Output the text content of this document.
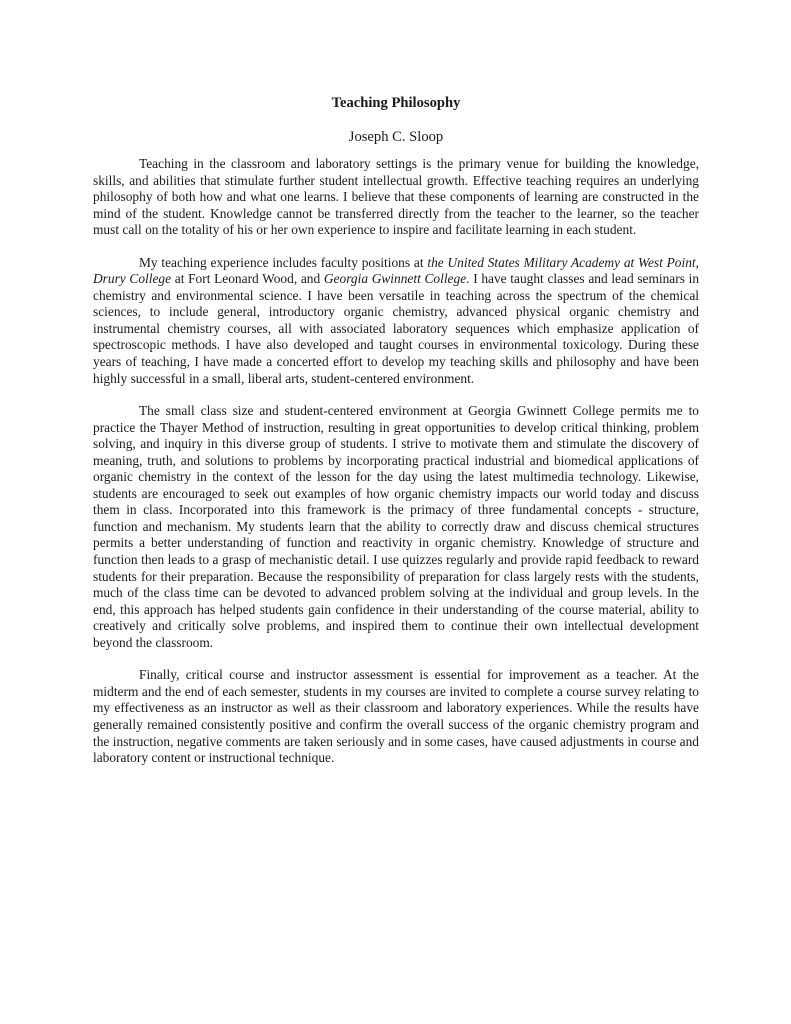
Teaching Philosophy
Joseph C. Sloop

Teaching in the classroom and laboratory settings is the primary venue for building the knowledge, skills, and abilities that stimulate further student intellectual growth. Effective teaching requires an underlying philosophy of both how and what one learns. I believe that these components of learning are constructed in the mind of the student. Knowledge cannot be transferred directly from the teacher to the learner, so the teacher must call on the totality of his or her own experience to inspire and facilitate learning in each student.

My teaching experience includes faculty positions at the United States Military Academy at West Point, Drury College at Fort Leonard Wood, and Georgia Gwinnett College. I have taught classes and lead seminars in chemistry and environmental science. I have been versatile in teaching across the spectrum of the chemical sciences, to include general, introductory organic chemistry, advanced physical organic chemistry and instrumental chemistry courses, all with associated laboratory sequences which emphasize application of spectroscopic methods. I have also developed and taught courses in environmental toxicology. During these years of teaching, I have made a concerted effort to develop my teaching skills and philosophy and have been highly successful in a small, liberal arts, student-centered environment.

The small class size and student-centered environment at Georgia Gwinnett College permits me to practice the Thayer Method of instruction, resulting in great opportunities to develop critical thinking, problem solving, and inquiry in this diverse group of students. I strive to motivate them and stimulate the discovery of meaning, truth, and solutions to problems by incorporating practical industrial and biomedical applications of organic chemistry in the context of the lesson for the day using the latest multimedia technology. Likewise, students are encouraged to seek out examples of how organic chemistry impacts our world today and discuss them in class. Incorporated into this framework is the primacy of three fundamental concepts - structure, function and mechanism. My students learn that the ability to correctly draw and discuss chemical structures permits a better understanding of function and reactivity in organic chemistry. Knowledge of structure and function then leads to a grasp of mechanistic detail. I use quizzes regularly and provide rapid feedback to reward students for their preparation. Because the responsibility of preparation for class largely rests with the students, much of the class time can be devoted to advanced problem solving at the individual and group levels. In the end, this approach has helped students gain confidence in their understanding of the course material, ability to creatively and critically solve problems, and inspired them to continue their own intellectual development beyond the classroom.

Finally, critical course and instructor assessment is essential for improvement as a teacher. At the midterm and the end of each semester, students in my courses are invited to complete a course survey relating to my effectiveness as an instructor as well as their classroom and laboratory experiences. While the results have generally remained consistently positive and confirm the overall success of the organic chemistry program and the instruction, negative comments are taken seriously and in some cases, have caused adjustments in course and laboratory content or instructional technique.
